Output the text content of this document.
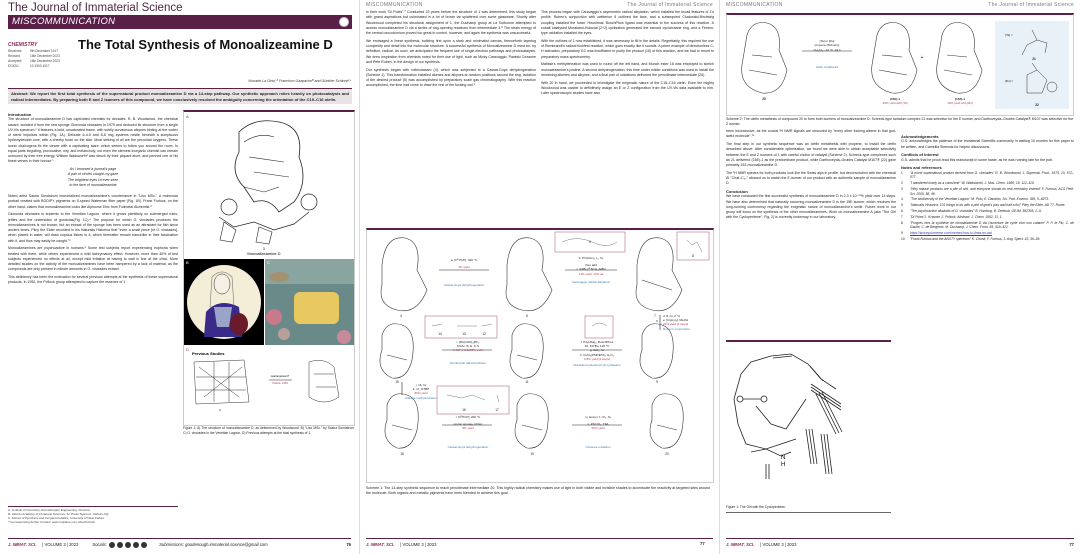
The Journal of Immaterial Science
MISCOMMUNICATION
CHEMISTRY
Received:	9th December 1517
Revised:	16th December 2023
Accepted:	16th December 2023
DOIOU:	10.1503.1517
The Total Synthesis of Monoalizeamine D
Vionado La Dinci,ᴬ Francisco Gazpachoᴮ and Günther Schlonkᶜ*
Abstract: We report the first total synthesis of the supernatural product monoalizeamine D via a 14-step pathway. Our synthetic approach relies heavily on photocatalysis and radical intermediates. By preparing both E and Z isomers of this compound, we have conclusively resolved the ambiguity concerning the orientation of the C15–C16 olefin.
Introduction

The structure of monoalizeamine D has captivated chemists for decades. R. B. Woodwood, the chemical savant, isolated it from the sea sponge Gioconda vinciades in 1975 and deduced its structure from a single UV-Vis spectrum.¹ It features a bold, unsaturated frame, with subtly curvaceous alkynes hinting at the vortex of steric impulses within (Fig. 1A). Delicate 6-4-5 and 8-8 ring systems nestle beneath a sumptuous hydroxydecalin core, with a cheeky furan on the side. Most striking of all are the peroxidal oxygens. These iconic chalcogens fix the viewer with a captivating stare, which seems to follow you around the room. In equal parts beguiling, provocative, wry, and melancholy, not even the sternest inorganic chemist can remain unmoved by their free energy. William Wadsworth² was struck by their piquant alure, and penned one of his finest verses in their honour":

As I browsed a journal's page
A pair of circles caught my gaze
The brightest eyes I'd ever seen
In the face of monoalizeamine

Noted artist Sasha Sundstrom immortalised monoalizeamine's countenance in "Liso MSc." a molecular portrait created with BODIPY pigments on 5-speed Waterman filter paper (Fig. 1B). Frank Furious, on the other hand, claims that monoalizeamine looks like Alphonse Elric from Fullmetal Alchemist.³

Gioconda vinciades is endemic to the Venetian Lagoon, where it grows plentifully on submerged ruins, jetties and the undersides of gondolas(Fig. 1C).⁴ The purpose for which G. vinciades produces the monoalizeamines is not known, but an extract of the sponge has been used as an attractant for fish since ancient times. Pliny the Elder recorded in his Naturalis Historica that "even a small piece [of G. vinciades], when placed in water, will draw copious fishes to it, which thereafter remain trancelike in their fascination with it, and thus may easily be caught."⁵

Monoalizeamines are psychoactive in humans.⁶ Some test subjects report experiencing euphoria when treated with them, while others experienced a mild lachrymatory effect. However, more than 40% of test subjects experienced no effects at all, except mild irritation at having to wait in line at the clinic. More detailed studies on the activity of the monoalizeamines have been hampered by a lack of material, as the compounds are only present in minute amounts in G. vinciades extract.

This deficiency has been the motivation for several previous attempts at the synthesis of these supernatural products. In 1952, the Pollock group attempted to capture the essence of 1

A. Institute of Chemistry and Helicopter Engineering, Florence
B. Vatican Academy of Unnatural Sciences, St. Pauls Taproom, Vatican City
C. School of Pyrofinics and Inorganometallics, University of West Failure
* Corresponding Author Contact: www.onlyfans.com.wf/schlonktip
1
Monoalizeamine D
A
B	C
D
Previous Studies
rearrangement?
Pollock, 1956
2
Figure 1: A) The structure of monoalizeamine D, as determined by Woodwood. B) "Liso MSc." by Sasha Sundstrom. C) G. vinciades in the Venetian Lagoon. D) Previous attempts at the total synthesis of 1.
J. IMMAT. SCI. | VOLUME 3 | 2023	Socials:	Submissions: goodenough.immaterial.science@gmail.com	76
MISCOMMUNICATION	The Journal of Immaterial Science

in their work "Di Poles".⁷ Conducted 23 years before the structure of 1 was determined, this study began with grand aspirations but culminated in a lot of brown tar splattered over some glassware. Shortly after Woodwood completed his structural assignment of 1, the Duchamp group at La Sorbonne attempted to access monoalizeamine D via a series of ring-opening reactions from intermediate 3.⁸ The strain energy of the central oxocubonium proved too great to control, however, and again the synthesis was unsuccessful.

We envisaged a linear synthesis, building first upon a stark and minimalist canvas, thenceforth layering complexity and detail into the molecular structure. A successful synthesis of Monoalizeamine D must be, by definition, radical. As such, we anticipated the frequent use of single-electron pathways and photocatalysis. We drew inspiration from chemists noted for their use of light, such as Micky Caravaggio, Pawlski Cézanne and Pete Ruben, in the design of our synthesis.

Our synthesis began with rothkolactam (4), which was subjected to a Cassat-Goya dehydrogenation (Scheme 1). This transformation installed akenes and alkynes at random positions around the ring. Isolation of the desired product (5) was accomplished by preparatory scale gas chromatography. With this reaction accomplished, the time had come to draw the rest of the fucking owl.⁹

This process began with Caravaggio's asymmetric radical alkylation, which installed the broad features of 1's profile. Ruben's conjunction with zwitterion 8 outlined the face, and a subsequent Cluckwald-Birchtwig coupling installed the furan. Hironimus' BoschPhos ligand was essential to the success of this reaction. A cobalt catalysed Murakami-Hokusai [2+2] cyclisation generated the second cyclobutane ring, and a Fenton-type oxidation installed the eyes.

With the outlines of 1 now established, it was necessary to fill in the details. Regrettably, this required the use of Rembrandt's radical fuckfest reaction, which goes exactly like it sounds. A prime example of directionless C-H activation, preparatory GC was insufficient to purify the product (15) of this reaction, and we had to resort to preparatory mass spectrometry.

Matisse's methyleneation was used to round off the left hand, and Munch ester 16 was employed to sketch monoalezamine's jowline. A second dehydrogenation, this time under milder conditions was used to install the remaining alkenes and alkynes, and a final pair of oxidations delivered the penultimate intermediate (20).

With 20 in hand, we proceeded to investigate the enigmatic nature of the C15–C16 olefin. Even the mighty Woodwood was unable to definitively assign an E or Z configuration from the UV-Vis data available to him. Later spectroscopic studies have also

4	5
6
7
8
9
11
12
13
14
15
16	17
18	19	20
a. [Irᴵᴵᴵ PCP], 400 °C
3% yield
Cassat-Goya dehydrogenation
b. Ph(OAc)₂, I₂, hv
then add
c. [NiBr₂]ᴵᴵᴵ BCH, AIBN
14% yield; 14% de
Caravaggio radical alkylation
d. 8, hv, 0 °C
e. [Ir(ppy)₃], MeOH
24% yield [2 steps]
Ruben's conjunction
f. Pd₂(dba)₃, BoschPhos
10, KOᵗBu, 120 °C
g. CoI₂, hv
h. FeCl₃(PMDETA), H₂O₂
0.8% yield [3 steps]
Murakami-Hokusai [2+2] cyclisation
i. [Rh(COD)₂]PF₆
KOAc, B, E, F, S
0.007 ± 0.0003% yield
Rembrandt radical fuckfest
j. 16, hv
k. 17, DTBP
86% yield
Matisse methyleneation
l. [IrᴵᴵᴵPCP], 200 °C
proton sponge, KOAc
8% yield
Cassat-Goya dehydrogenation
m. Eosyn Y, ¹O₂, hv
n. PbCrO₄, TFA
53% yield
Cézanne oxidation
J. IMMAT. SCI. | VOLUME 3 | 2023
Scheme 1: The 13-step synthetic sequence to reach penultimate intermediate 20. This highly radical chemistry makes use of light in both visible and invisible shades to accentuate the reactivity at targeted sites around the molecule. Both organic and metallic pigments have been blended to achieve this goal.
MISCOMMUNICATION	The Journal of Immaterial Science
20
[Ta] or [Ru]
propene (500 atm)
CH₂Cl₂, -10 °C, 24 h
olefin metathesis
+
(15E)-1
30% yield with [Ta]
(15Z)-1
19% yield with [Ru]
[Ta] =
21
[Ru] =
22
Scheme 2: The olefin metathesis of compound 20 to form both isomers of monoalizeamine D. Schreck-type tantalum complex 21 was selective for the E isomer, and Darthoveyda–Grubbs Catalyst® M107 was selective for the Z isomer.

been inconclusive, as the crucial ¹H NMR signals are obscured by "every other fucking alkene in that god-awful molecule".¹⁰

The final step in our synthetic sequence was an olefin metathesis with propene, to install the olefin described above. After considerable optimisation, we found we were able to obtain acceptable selectivity between the E and Z isomers of 1 with careful choice of catalyst (Scheme 2). Schreck-type complexes such as 21 delivered (15E)-1 as the predominant product, while Darthoveyda–Grubbs Catalyst M107® (22) gave primarily 15Z-monoalizeamine D.

The ¹H NMR spectra for both products look like the Swiss alps in profile, but deconvolution with the chemical AI "Chat–C₆₀" allowed us to match the E-isomer of our product with an authentic sample of monoalizeamine D.

Conclusion

We have conducted the first successful synthesis of monoalizeamine D in 2.3 x 10⁻¹¹% yield over 14 steps. We have also determined that naturally occurring monoalizeamine D is the 15E isomer, which resolves the long-running controversy regarding the enigmatic nature of monoalizeamine's smile. Future work in our group will focus on the synthesis of the other monoalizeamines. Work on monoalizeamine A (aka "The Girl with the Cyclopentene", Fig. 2) is currently underway in our laboratory.

N
H
Figure 1: The Girl with the Cyclopentene.
Acknowledgements

G.S. acknowledges the patience of the Immaterial Scientific community in waiting 10 months for this paper to be written, and Camellia Sinensis for helpful discussions.

Conflicts of Interest

G.S. admits that he proof-read this manuscript in some haste, as he was running late for the pub.

Notes and references
1	"A novel supernatural product derived from G. vinciades" R. B. Woodwood, J. Supernat. Prod., 1975, 23, 572–577.
2	"I wandered lonely as a cumulene" W. Wadsworth, J. Mus. Chem. 1980, 19, 112–115.
3	"Why natural products are a pile of shit, and everyone should do real chemistry instead" F. Furious, ACS Perif. Sci. 2009, 88, 98.
4	"The biodiversity of the Venetian Lagoon" M. Polo, E. Dandolo, Sci. Part. Environ. 395, 5–6973.
5	"Naturalis Historica: 101 things to do with a pint of goat's piss and half a fox" Pliny the Elder, AD 77, Rome.
6	"The psychoactive alkaloids of G. vinciades" B. Humbug, B. Zeelbub, OEJM. 592305, 2–9.
7	"Di Poles"L. Krasner, J. Pollock, Abstract. J. Chem. 1952, 11, 1.
8	"Progrès vers la synthèse de monoalizamine D via l'ouverture de cycle d'un oxo cubane" P. P. le Piu, C. de Gaulle, C. de Bergerac, M. Duchamp, J. Chem. From. 69, 419–421.
9	https://knowyourmeme.com/memes/how-to-draw-an-owl
10	"Frank Furious and the ANXTY spectrum" K. Chonk, F. Furious, J. Ang. Spect. 43, 56–59.
J. IMMAT. SCI. | VOLUME 3 | 2023	77
77
